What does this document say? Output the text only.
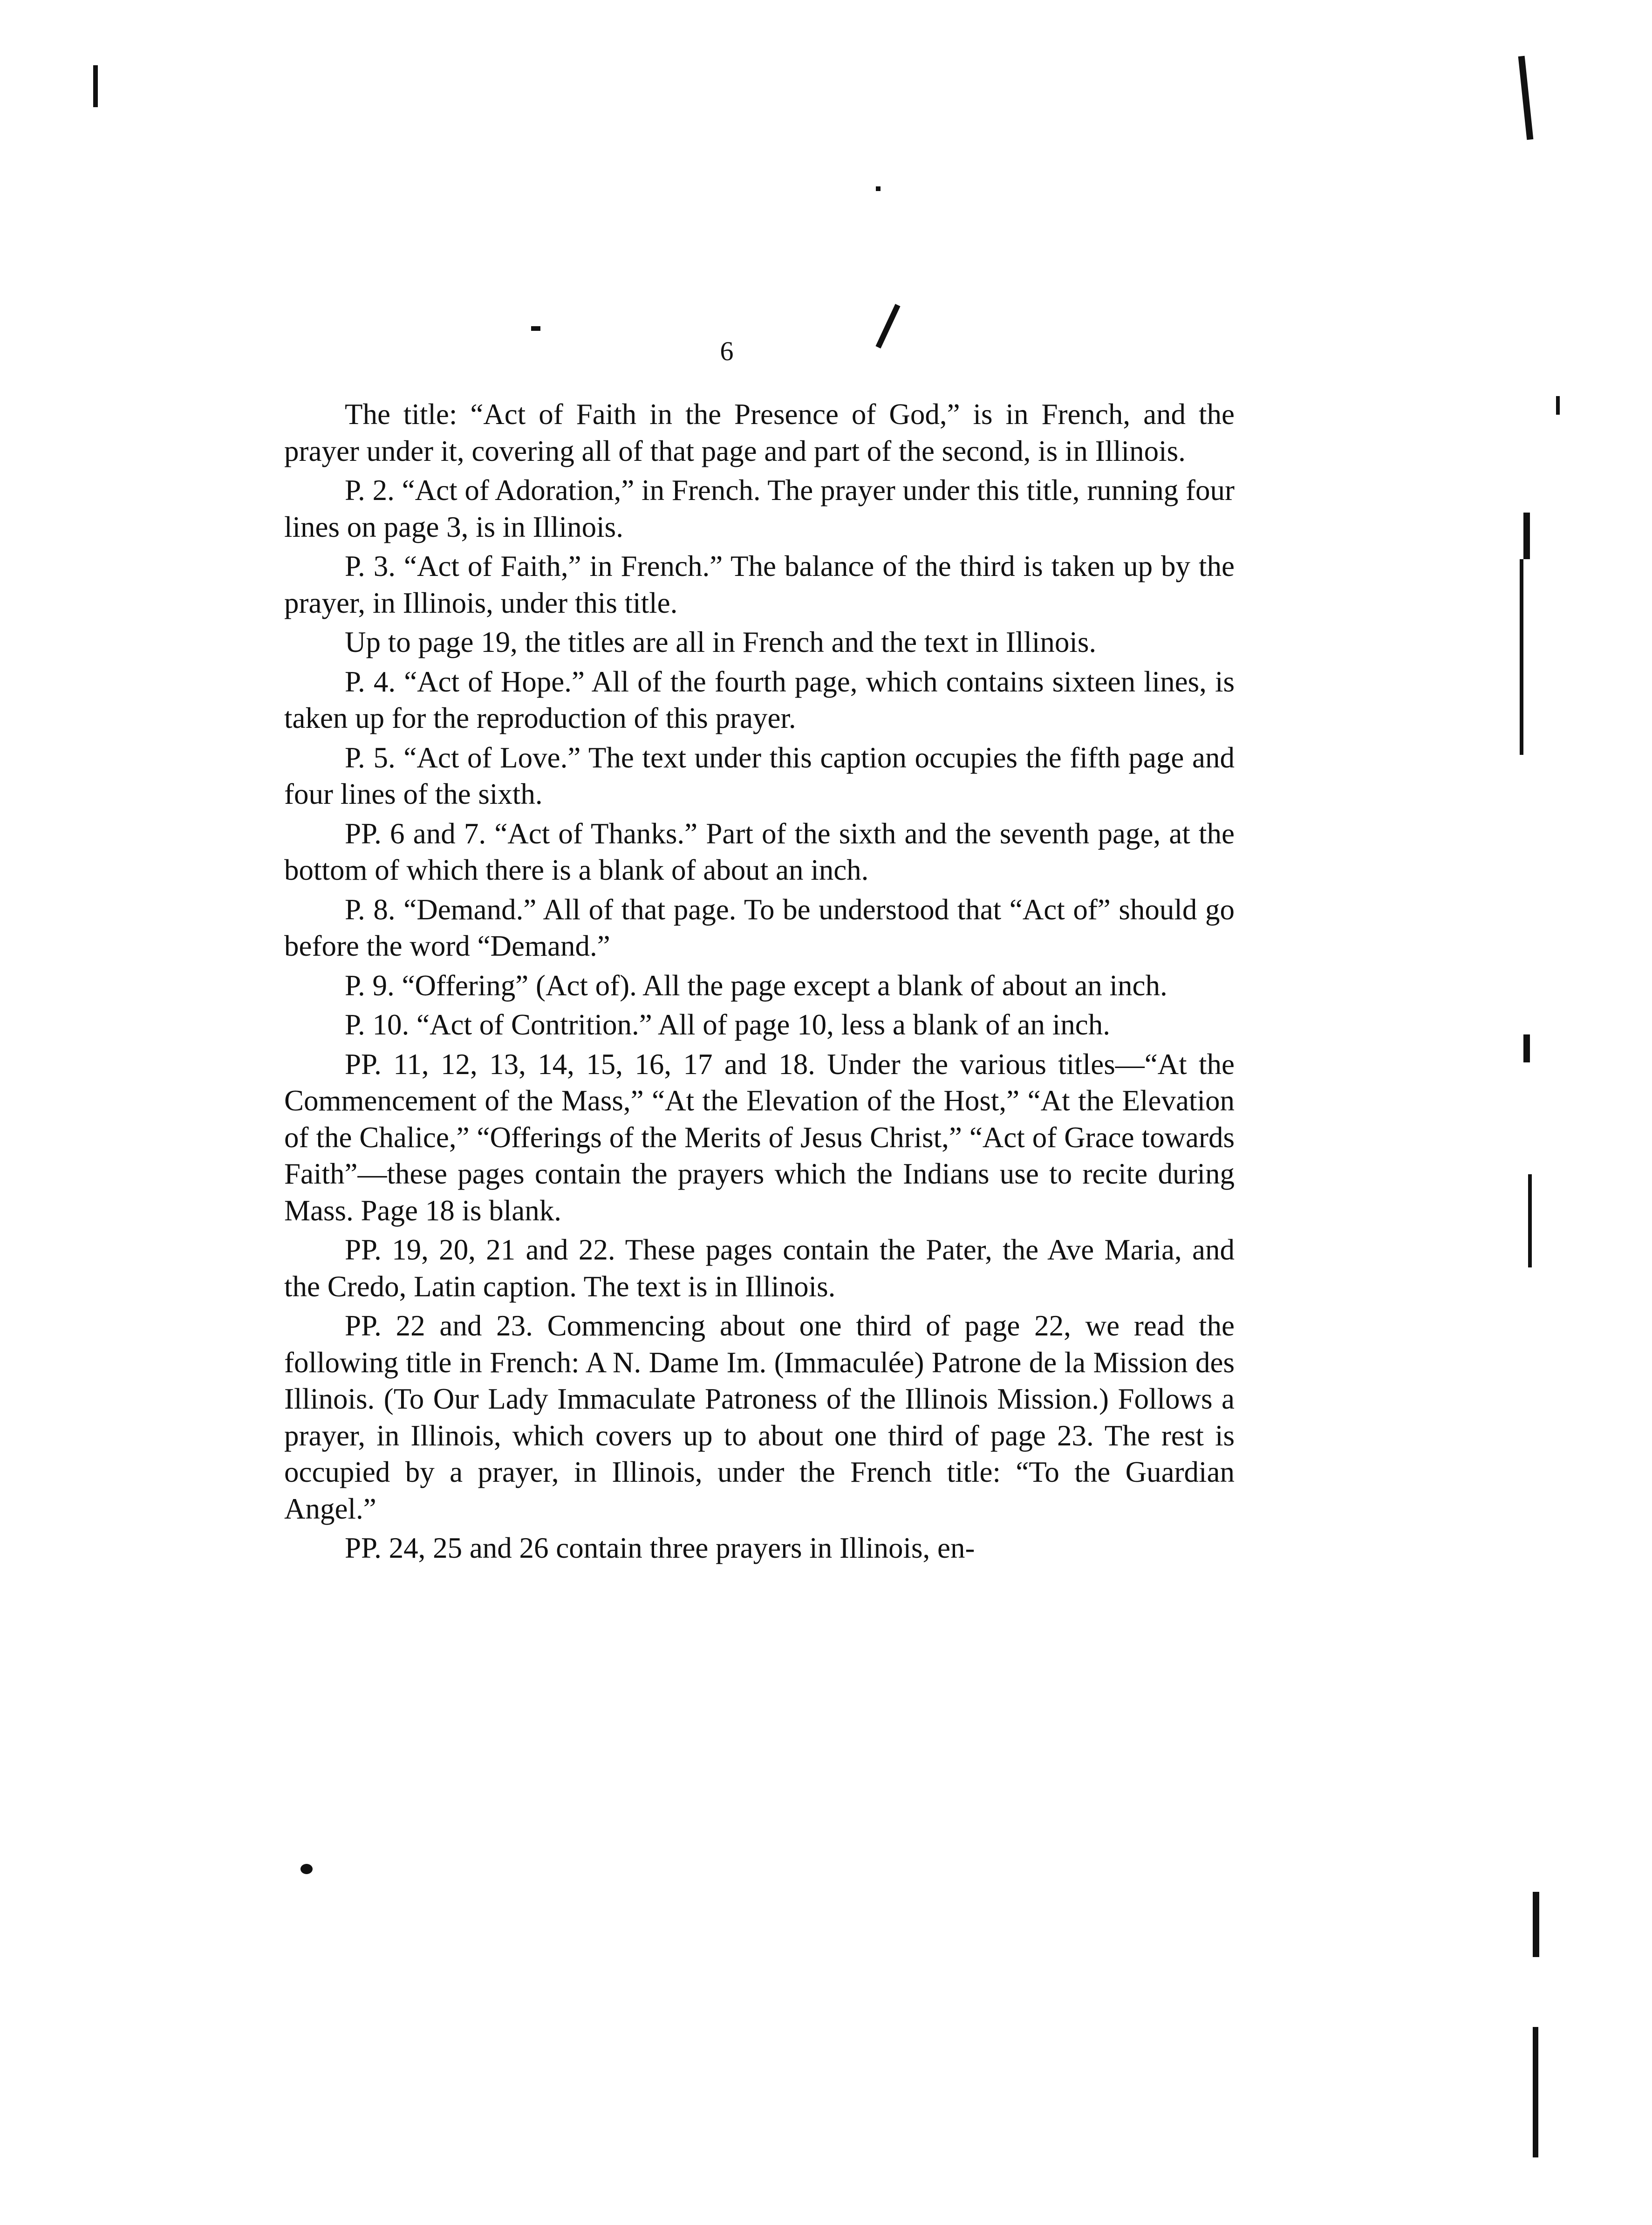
6

The title: “Act of Faith in the Presence of God,” is in French, and the prayer under it, covering all of that page and part of the second, is in Illinois.

P. 2. “Act of Adoration,” in French. The prayer under this title, running four lines on page 3, is in Illinois.

P. 3. “Act of Faith,” in French.” The balance of the third is taken up by the prayer, in Illinois, under this title.

Up to page 19, the titles are all in French and the text in Illinois.

P. 4. “Act of Hope.” All of the fourth page, which contains sixteen lines, is taken up for the reproduction of this prayer.

P. 5. “Act of Love.” The text under this caption occupies the fifth page and four lines of the sixth.

PP. 6 and 7. “Act of Thanks.” Part of the sixth and the seventh page, at the bottom of which there is a blank of about an inch.

P. 8. “Demand.” All of that page. To be understood that “Act of” should go before the word “Demand.”

P. 9. “Offering” (Act of). All the page except a blank of about an inch.

P. 10. “Act of Contrition.” All of page 10, less a blank of an inch.

PP. 11, 12, 13, 14, 15, 16, 17 and 18. Under the various titles—“At the Commencement of the Mass,” “At the Elevation of the Host,” “At the Elevation of the Chalice,” “Offerings of the Merits of Jesus Christ,” “Act of Grace towards Faith”—these pages contain the prayers which the Indians use to recite during Mass. Page 18 is blank.

PP. 19, 20, 21 and 22. These pages contain the Pater, the Ave Maria, and the Credo, Latin caption. The text is in Illinois.

PP. 22 and 23. Commencing about one third of page 22, we read the following title in French: A N. Dame Im. (Immaculée) Patrone de la Mission des Illinois. (To Our Lady Immaculate Patroness of the Illinois Mission.) Follows a prayer, in Illinois, which covers up to about one third of page 23. The rest is occupied by a prayer, in Illinois, under the French title: “To the Guardian Angel.”

PP. 24, 25 and 26 contain three prayers in Illinois, en-
